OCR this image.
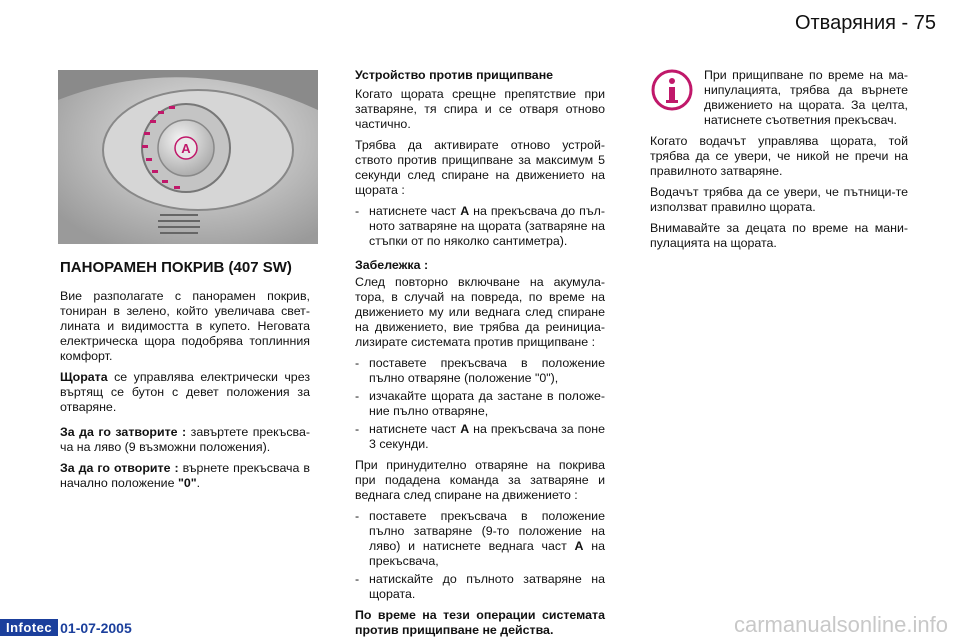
Отваряния - 75
A
ПАНОРАМЕН ПОКРИВ (407 SW)

Вие разполагате с панорамен покрив, тониран в зелено, който увеличава свет-лината и видимостта в купето. Неговата електрическа щора подобрява топлинния комфорт.

Щората се управлява електрически чрез въртящ се бутон с девет положения за отваряне.

За да го затворите : завъртете прекъсва-ча на ляво (9 възможни положения).

За да го отворите : върнете прекъсвача в начално положение "0".

Устройство против прищипване

Когато щората срещне препятствие при затваряне, тя спира и се отваря отново частично.

Трябва да активирате отново устрой-ството против прищипване за максимум 5 секунди след спиране на движението на щората :

- натиснете част A на прекъсвача до пъл-ното затваряне на щората (затваряне на стъпки от по няколко сантиметра).

Забележка :

След повторно включване на акумула-тора, в случай на повреда, по време на движението му или веднага след спиране на движението, вие трябва да реинициа-лизирате системата против прищипване :

- поставете прекъсвача в положение пълно отваряне (положение "0"),
- изчакайте щората да застане в положе-ние пълно отваряне,
- натиснете част A на прекъсвача за поне 3 секунди.

При принудително отваряне на покрива при подадена команда за затваряне и веднага след спиране на движението :

- поставете прекъсвача в положение пълно затваряне (9-то положение на ляво) и натиснете веднага част A на прекъсвача,
- натискайте до пълното затваряне на щората.

По време на тези операции системата против прищипване не действа.

При прищипване по време на ма-нипулацията, трябва да върнете движението на щората. За целта, натиснете съответния прекъсвач.

Когато водачът управлява щората, той трябва да се увери, че никой не пречи на правилното затваряне.

Водачът трябва да се увери, че пътници-те използват правилно щората.

Внимавайте за децата по време на мани-пулацията на щората.

Infotec 01-07-2005	carmanualsonline.info
